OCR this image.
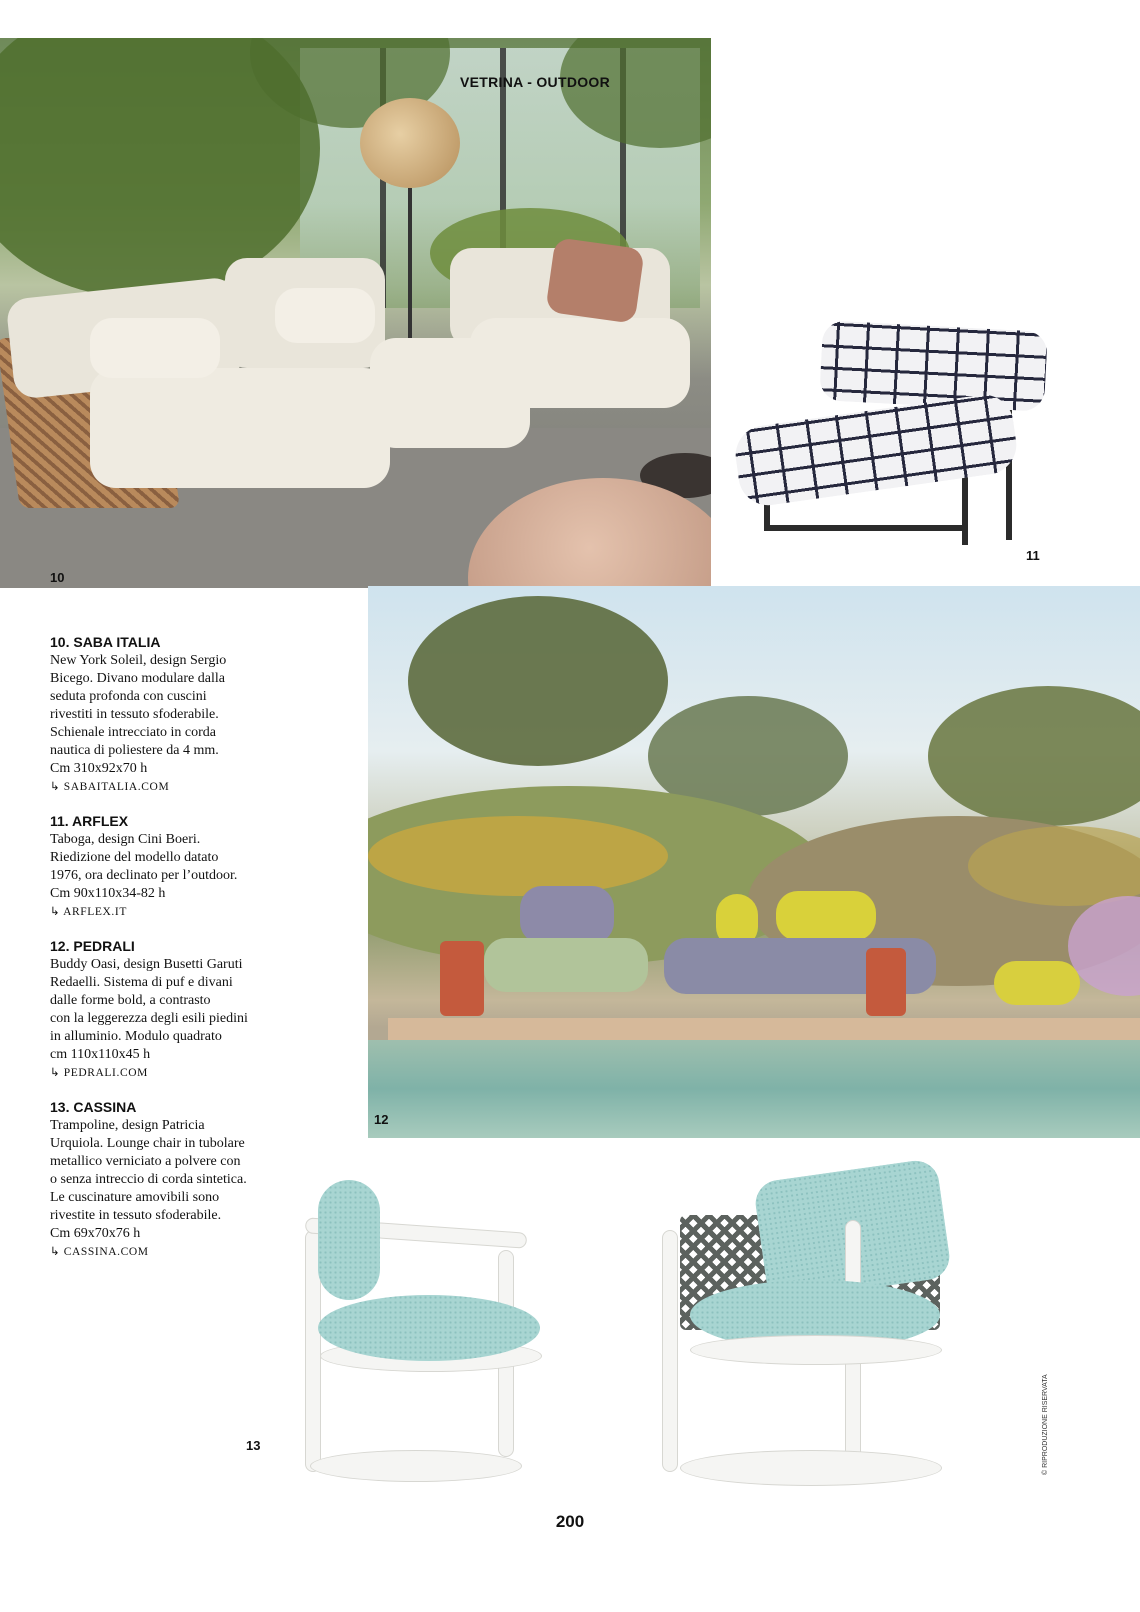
VETRINA - OUTDOOR
10
11
12
10. SABA ITALIA
New York Soleil, design Sergio
Bicego. Divano modulare dalla
seduta profonda con cuscini
rivestiti in tessuto sfoderabile.
Schienale intrecciato in corda
nautica di poliestere da 4 mm.
Cm 310x92x70 h
↳ SABAITALIA.COM
11. ARFLEX
Taboga, design Cini Boeri.
Riedizione del modello datato
1976, ora declinato per l’outdoor.
Cm 90x110x34-82 h
↳ ARFLEX.IT
12. PEDRALI
Buddy Oasi, design Busetti Garuti
Redaelli. Sistema di puf e divani
dalle forme bold, a contrasto
con la leggerezza degli esili piedini
in alluminio. Modulo quadrato
cm 110x110x45 h
↳ PEDRALI.COM
13. CASSINA
Trampoline, design Patricia
Urquiola. Lounge chair in tubolare
metallico verniciato a polvere con
o senza intreccio di corda sintetica.
Le cuscinature amovibili sono
rivestite in tessuto sfoderabile.
Cm 69x70x76 h
↳ CASSINA.COM
13	© RIPRODUZIONE RISERVATA
200
